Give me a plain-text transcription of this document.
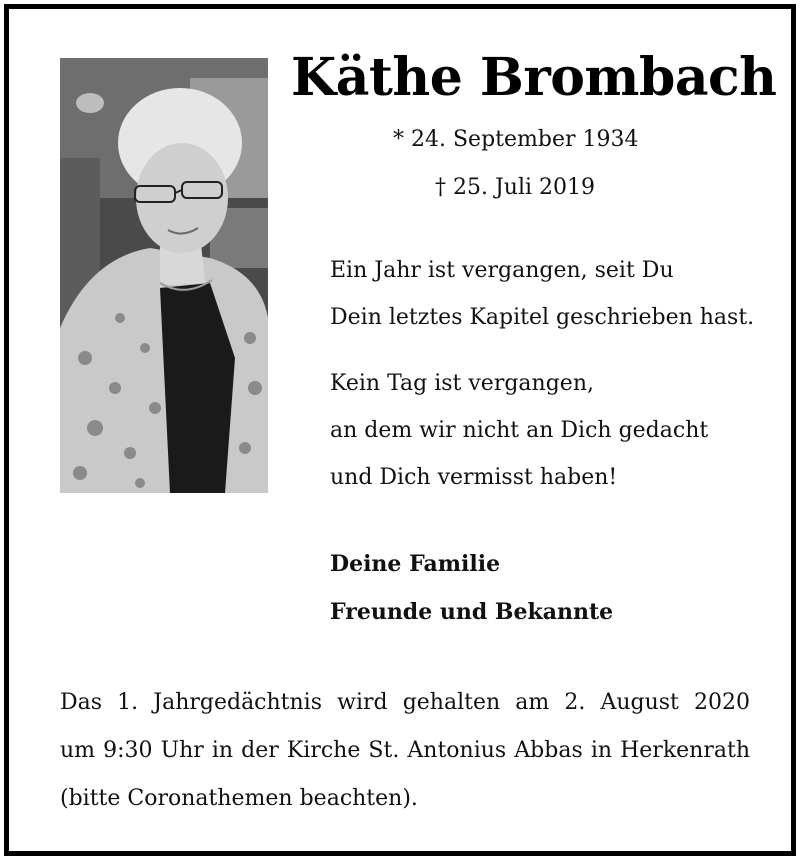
Käthe Brombach
* 24. September 1934
† 25. Juli 2019
Ein Jahr ist vergangen, seit Du
Dein letztes Kapitel geschrieben hast.
Kein Tag ist vergangen,
an dem wir nicht an Dich gedacht
und Dich vermisst haben!
Deine Familie
Freunde und Bekannte
Das 1. Jahrgedächtnis wird gehalten am 2. August 2020
um 9:30 Uhr in der Kirche St. Antonius Abbas in Herkenrath
(bitte Coronathemen beachten).
